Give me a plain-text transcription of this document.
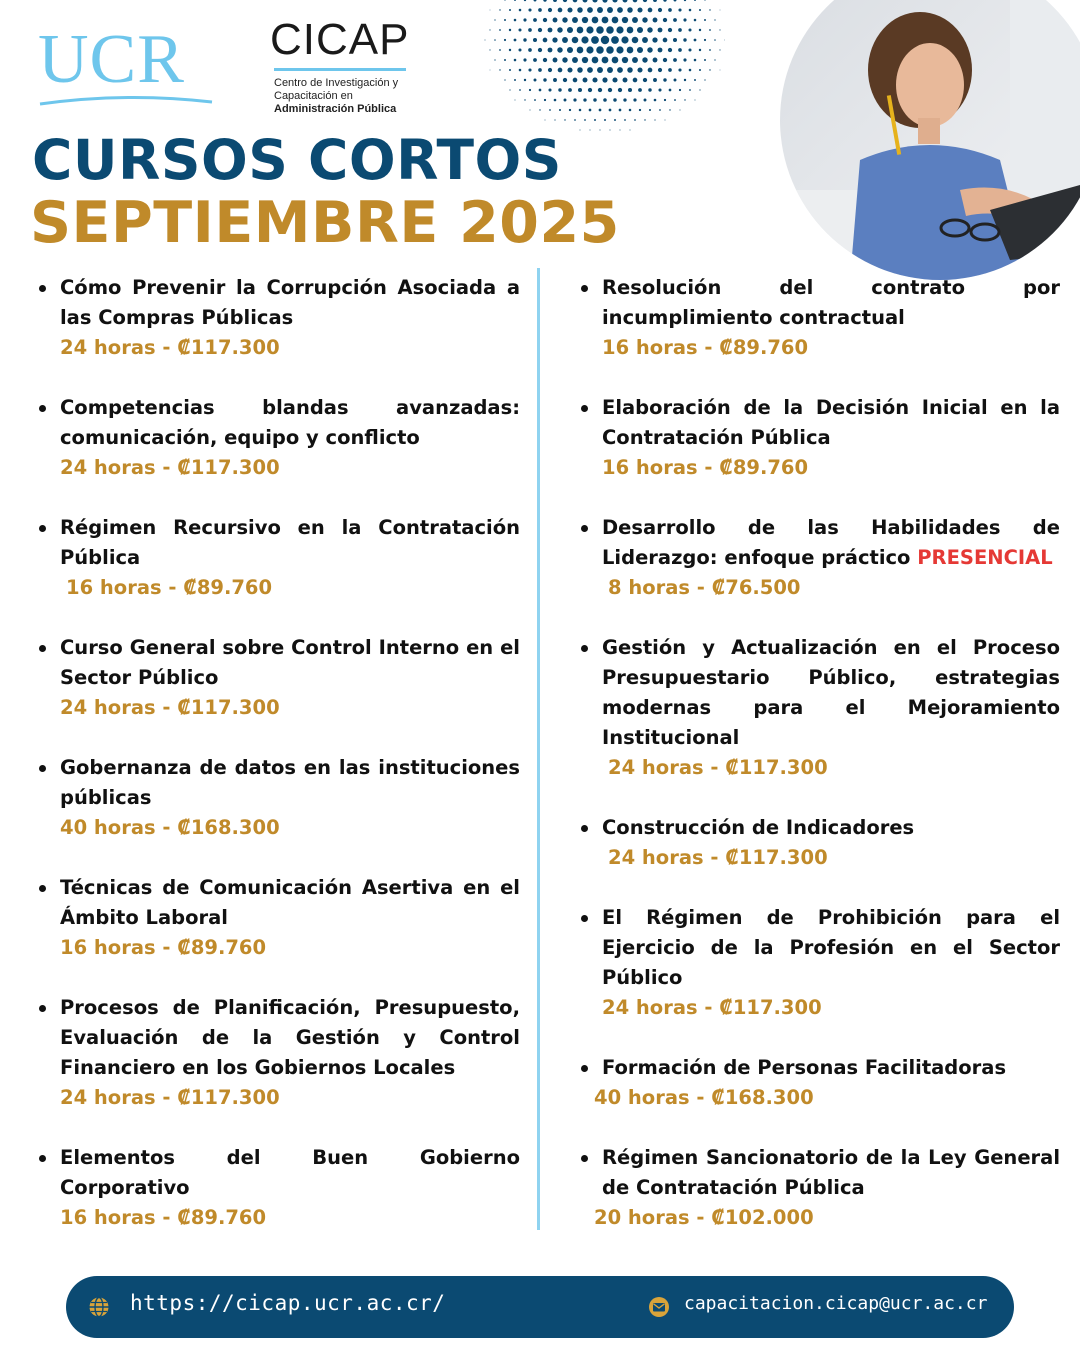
UCR	CICAP
Centro de Investigación y
Capacitación en
Administración Pública
CURSOS CORTOS
SEPTIEMBRE 2025
Cómo Prevenir la Corrupción Asociada a las Compras Públicas
24 horas - ₡117.300
Competencias blandas avanzadas: comunicación, equipo y conflicto
24 horas - ₡117.300
Régimen Recursivo en la Contratación Pública
16 horas - ₡89.760
Curso General sobre Control Interno en el Sector Público
24 horas - ₡117.300
Gobernanza de datos en las instituciones públicas
40 horas - ₡168.300
Técnicas de Comunicación Asertiva en el Ámbito Laboral
16 horas - ₡89.760
Procesos de Planificación, Presupuesto, Evaluación de la Gestión y Control Financiero en los Gobiernos Locales
24 horas - ₡117.300
Elementos del Buen Gobierno Corporativo
16 horas - ₡89.760
Resolución del contrato por incumplimiento contractual
16 horas - ₡89.760
Elaboración de la Decisión Inicial en la Contratación Pública
16 horas - ₡89.760
Desarrollo de las Habilidades de Liderazgo: enfoque práctico PRESENCIAL
8 horas - ₡76.500
Gestión y Actualización en el Proceso Presupuestario Público, estrategias modernas para el Mejoramiento Institucional
24 horas - ₡117.300
Construcción de Indicadores
24 horas - ₡117.300
El Régimen de Prohibición para el Ejercicio de la Profesión en el Sector Público
24 horas - ₡117.300
Formación de Personas Facilitadoras
40 horas - ₡168.300
Régimen Sancionatorio de la Ley General de Contratación Pública
20 horas - ₡102.000
https://cicap.ucr.ac.cr/	capacitacion.cicap@ucr.ac.cr
